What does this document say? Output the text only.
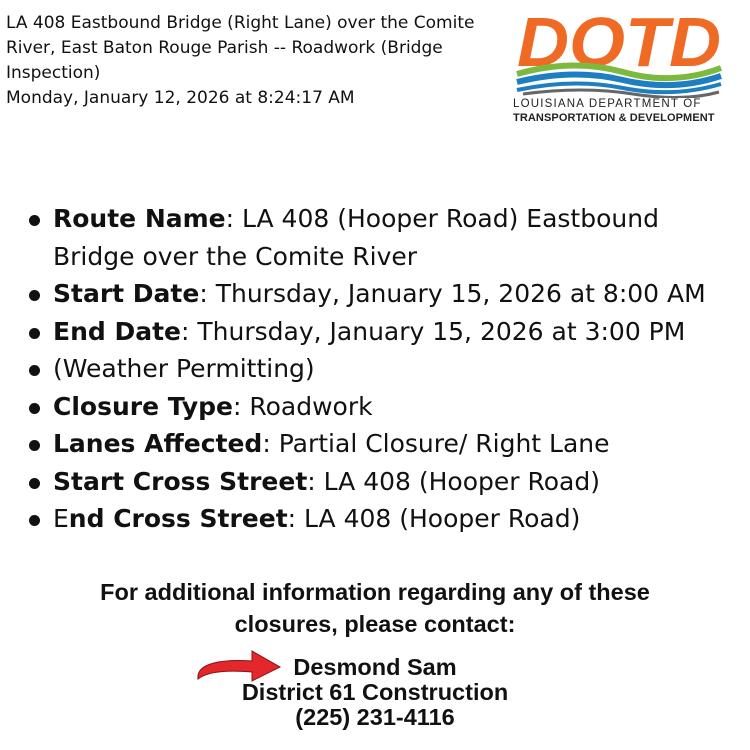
LA 408 Eastbound Bridge (Right Lane) over the Comite
River, East Baton Rouge Parish -- Roadwork (Bridge
Inspection)
Monday, January 12, 2026 at 8:24:17 AM
DOTD
LOUISIANA DEPARTMENT OF
TRANSPORTATION & DEVELOPMENT
Route Name: LA 408 (Hooper Road) Eastbound
Bridge over the Comite River
Start Date: Thursday, January 15, 2026 at 8:00 AM
End Date: Thursday, January 15, 2026 at 3:00 PM
(Weather Permitting)
Closure Type: Roadwork
Lanes Affected: Partial Closure/ Right Lane
Start Cross Street: LA 408 (Hooper Road)
End Cross Street: LA 408 (Hooper Road)
For additional information regarding any of these
closures, please contact:
Desmond Sam
District 61 Construction
(225) 231-4116
